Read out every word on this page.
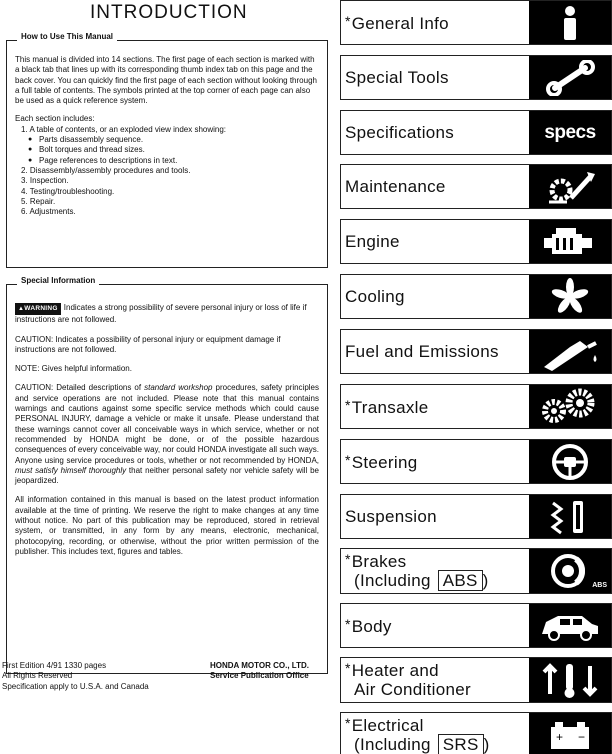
INTRODUCTION
How to Use This Manual

This manual is divided into 14 sections. The first page of each section is marked with a black tab that lines up with its corresponding thumb index tab on this page and the back cover. You can quickly find the first page of each section without looking through a full table of contents. The symbols printed at the top corner of each page can also be used as a quick reference system.

Each section includes:

1. A table of contents, or an exploded view index showing:
● Parts disassembly sequence.
● Bolt torques and thread sizes.
● Page references to descriptions in text.
2. Disassembly/assembly procedures and tools.
3. Inspection.
4. Testing/troubleshooting.
5. Repair.
6. Adjustments.
Special Information

▲ WARNING Indicates a strong possibility of severe personal injury or loss of life if instructions are not followed.

CAUTION: Indicates a possibility of personal injury or equipment damage if instructions are not followed.

NOTE: Gives helpful information.

CAUTION: Detailed descriptions of standard workshop procedures, safety principles and service operations are not included. Please note that this manual contains warnings and cautions against some specific service methods which could cause PERSONAL INJURY, damage a vehicle or make it unsafe. Please understand that these warnings cannot cover all conceivable ways in which service, whether or not recommended by HONDA might be done, or of the possible hazardous consequences of every conceivable way, nor could HONDA investigate all such ways. Anyone using service procedures or tools, whether or not recommended by HONDA, must satisfy himself thoroughly that neither personal safety nor vehicle safety will be jeopardized.

All information contained in this manual is based on the latest product information available at the time of printing. We reserve the right to make changes at any time without notice. No part of this publication may be reproduced, stored in retrieval system, or transmitted, in any form by any means, electronic, mechanical, photocopying, recording, or otherwise, without the prior written permission of the publisher. This includes text, figures and tables.

First Edition 4/91 1330 pages
All Rights Reserved
Specification apply to U.S.A. and Canada
HONDA MOTOR CO., LTD.
Service Publication Office
*General Info
Special Tools
Specifications	specs
Maintenance
Engine
Cooling
Fuel and Emissions
*Transaxle
*Steering
Suspension
*Brakes
(Including ABS )	ABS
*Body
*Heater and
Air Conditioner
*Electrical
(Including SRS )	+ −
